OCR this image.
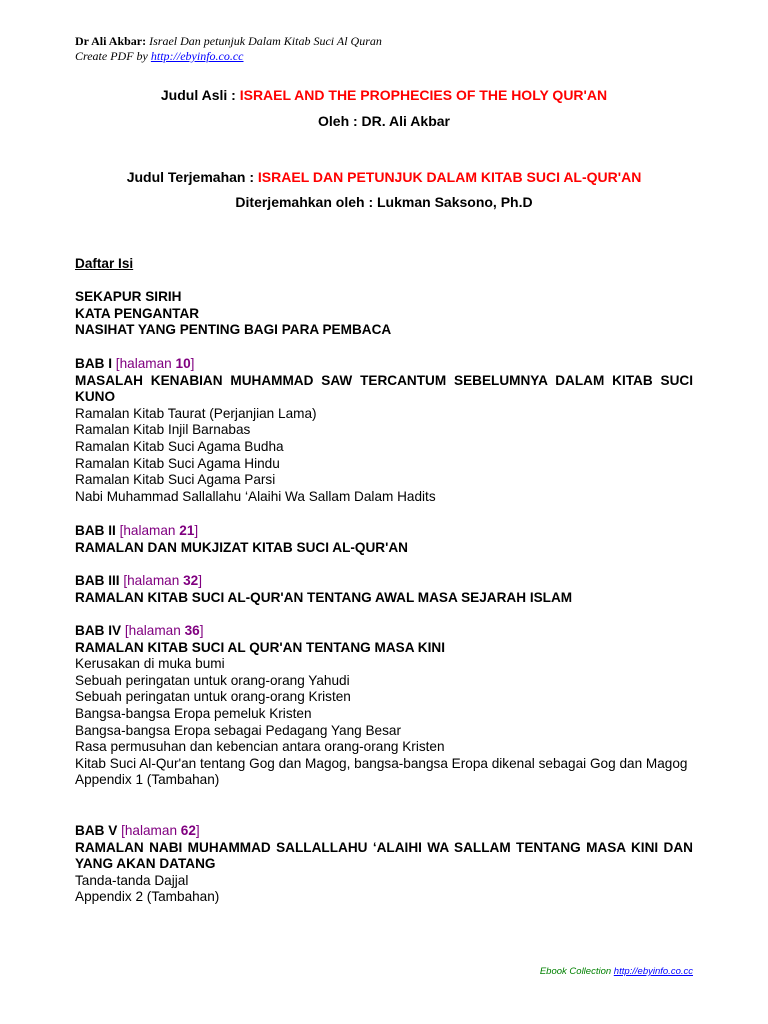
Dr Ali Akbar: Israel Dan petunjuk Dalam Kitab Suci Al Quran
Create PDF by http://ebyinfo.co.cc
Judul Asli : ISRAEL AND THE PROPHECIES OF THE HOLY QUR'AN
Oleh : DR. Ali Akbar
Judul Terjemahan : ISRAEL DAN PETUNJUK DALAM KITAB SUCI AL-QUR'AN
Diterjemahkan oleh : Lukman Saksono, Ph.D
Daftar Isi
SEKAPUR SIRIH
KATA PENGANTAR
NASIHAT YANG PENTING BAGI PARA PEMBACA
BAB I [halaman 10]
MASALAH KENABIAN MUHAMMAD SAW TERCANTUM SEBELUMNYA DALAM KITAB SUCI KUNO
Ramalan Kitab Taurat (Perjanjian Lama)
Ramalan Kitab Injil Barnabas
Ramalan Kitab Suci Agama Budha
Ramalan Kitab Suci Agama Hindu
Ramalan Kitab Suci Agama Parsi
Nabi Muhammad Sallallahu ‘Alaihi Wa Sallam Dalam Hadits
BAB II [halaman 21]
RAMALAN DAN MUKJIZAT KITAB SUCI AL-QUR'AN
BAB III [halaman 32]
RAMALAN KITAB SUCI AL-QUR'AN TENTANG AWAL MASA SEJARAH ISLAM
BAB IV [halaman 36]
RAMALAN KITAB SUCI AL QUR'AN TENTANG MASA KINI
Kerusakan di muka bumi
Sebuah peringatan untuk orang-orang Yahudi
Sebuah peringatan untuk orang-orang Kristen
Bangsa-bangsa Eropa pemeluk Kristen
Bangsa-bangsa Eropa sebagai Pedagang Yang Besar
Rasa permusuhan dan kebencian antara orang-orang Kristen
Kitab Suci Al-Qur'an tentang Gog dan Magog, bangsa-bangsa Eropa dikenal sebagai Gog dan Magog
Appendix 1 (Tambahan)
BAB V [halaman 62]
RAMALAN NABI MUHAMMAD SALLALLAHU ‘ALAIHI WA SALLAM TENTANG MASA KINI DAN YANG AKAN DATANG
Tanda-tanda Dajjal
Appendix 2 (Tambahan)
Ebook Collection http://ebyinfo.co.cc
